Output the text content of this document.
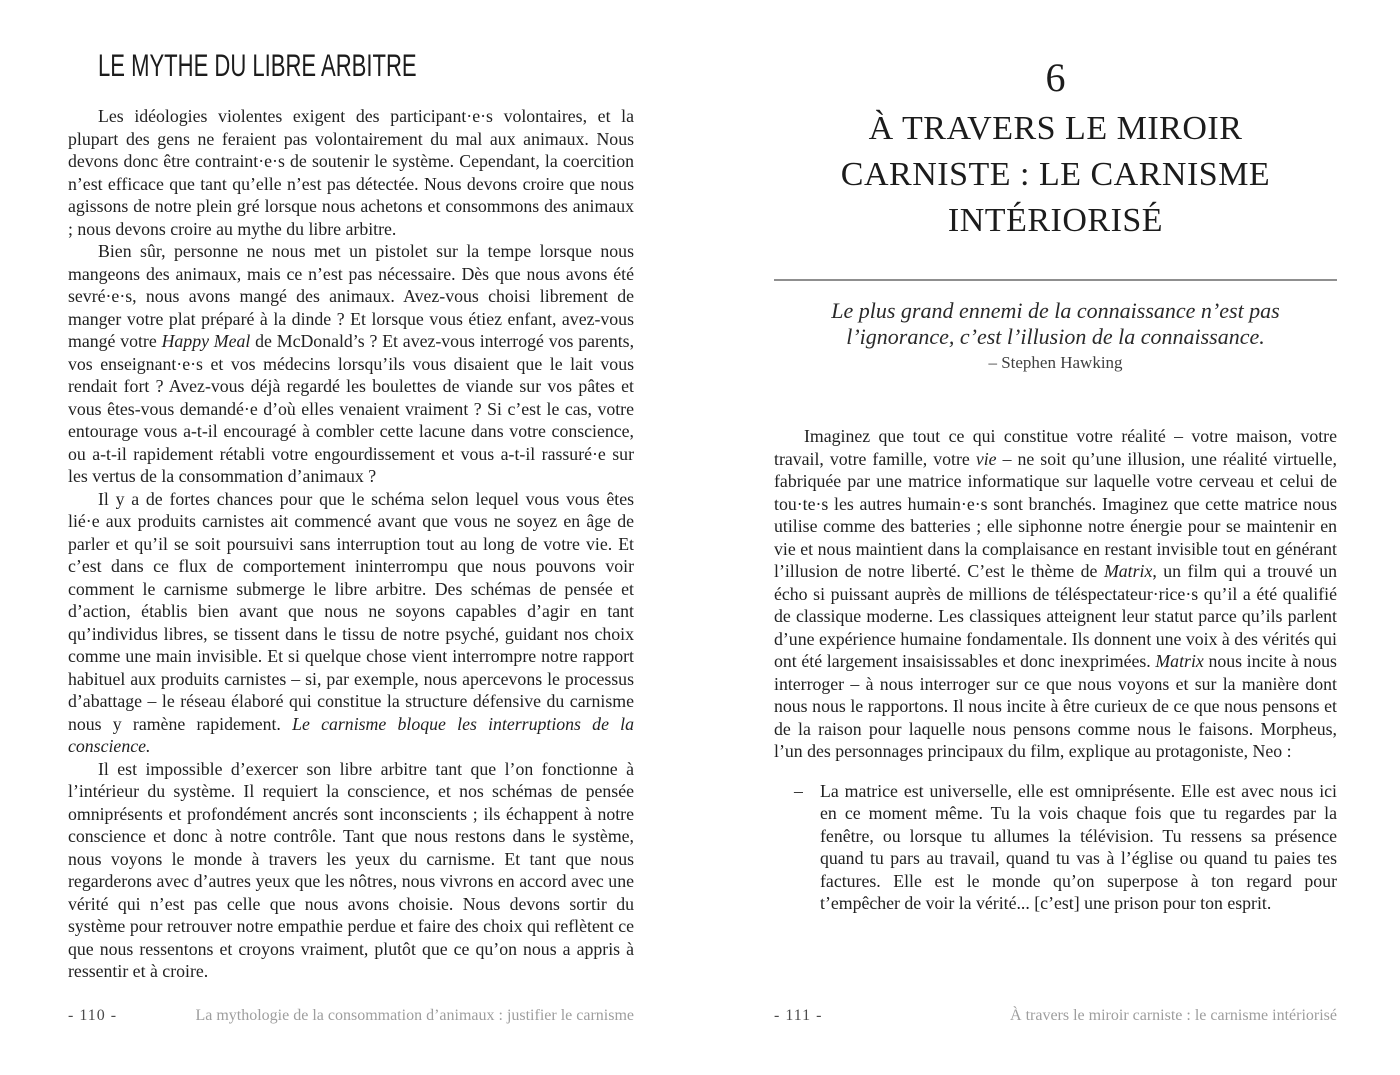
LE MYTHE DU LIBRE ARBITRE

Les idéologies violentes exigent des participant·e·s volontaires, et la plupart des gens ne feraient pas volontairement du mal aux animaux. Nous devons donc être contraint·e·s de soutenir le système. Cependant, la coercition n’est efficace que tant qu’elle n’est pas détectée. Nous devons croire que nous agissons de notre plein gré lorsque nous achetons et consommons des animaux ; nous devons croire au mythe du libre arbitre.

Bien sûr, personne ne nous met un pistolet sur la tempe lorsque nous mangeons des animaux, mais ce n’est pas nécessaire. Dès que nous avons été sevré·e·s, nous avons mangé des animaux. Avez-vous choisi librement de manger votre plat préparé à la dinde ? Et lorsque vous étiez enfant, avez-vous mangé votre Happy Meal de McDonald’s ? Et avez-vous interrogé vos parents, vos enseignant·e·s et vos médecins lorsqu’ils vous disaient que le lait vous rendait fort ? Avez-vous déjà regardé les boulettes de viande sur vos pâtes et vous êtes-vous demandé·e d’où elles venaient vraiment ? Si c’est le cas, votre entourage vous a-t-il encouragé à combler cette lacune dans votre conscience, ou a-t-il rapidement rétabli votre engourdissement et vous a-t-il rassuré·e sur les vertus de la consommation d’animaux ?

Il y a de fortes chances pour que le schéma selon lequel vous vous êtes lié·e aux produits carnistes ait commencé avant que vous ne soyez en âge de parler et qu’il se soit poursuivi sans interruption tout au long de votre vie. Et c’est dans ce flux de comportement ininterrompu que nous pouvons voir comment le carnisme submerge le libre arbitre. Des schémas de pensée et d’action, établis bien avant que nous ne soyons capables d’agir en tant qu’individus libres, se tissent dans le tissu de notre psyché, guidant nos choix comme une main invisible. Et si quelque chose vient interrompre notre rapport habituel aux produits carnistes – si, par exemple, nous apercevons le processus d’abattage – le réseau élaboré qui constitue la structure défensive du carnisme nous y ramène rapidement. Le carnisme bloque les interruptions de la conscience.

Il est impossible d’exercer son libre arbitre tant que l’on fonctionne à l’intérieur du système. Il requiert la conscience, et nos schémas de pensée omniprésents et profondément ancrés sont inconscients ; ils échappent à notre conscience et donc à notre contrôle. Tant que nous restons dans le système, nous voyons le monde à travers les yeux du carnisme. Et tant que nous regarderons avec d’autres yeux que les nôtres, nous vivrons en accord avec une vérité qui n’est pas celle que nous avons choisie. Nous devons sortir du système pour retrouver notre empathie perdue et faire des choix qui reflètent ce que nous ressentons et croyons vraiment, plutôt que ce qu’on nous a appris à ressentir et à croire.

- 110 -	La mythologie de la consommation d’animaux : justifier le carnisme
6
À TRAVERS LE MIROIR CARNISTE : LE CARNISME INTÉRIORISÉ
Le plus grand ennemi de la connaissance n’est pas l’ignorance, c’est l’illusion de la connaissance.
– Stephen Hawking

Imaginez que tout ce qui constitue votre réalité – votre maison, votre travail, votre famille, votre vie – ne soit qu’une illusion, une réalité virtuelle, fabriquée par une matrice informatique sur laquelle votre cerveau et celui de tou·te·s les autres humain·e·s sont branchés. Imaginez que cette matrice nous utilise comme des batteries ; elle siphonne notre énergie pour se maintenir en vie et nous maintient dans la complaisance en restant invisible tout en générant l’illusion de notre liberté. C’est le thème de Matrix, un film qui a trouvé un écho si puissant auprès de millions de téléspectateur·rice·s qu’il a été qualifié de classique moderne. Les classiques atteignent leur statut parce qu’ils parlent d’une expérience humaine fondamentale. Ils donnent une voix à des vérités qui ont été largement insaisissables et donc inexprimées. Matrix nous incite à nous interroger – à nous interroger sur ce que nous voyons et sur la manière dont nous nous le rapportons. Il nous incite à être curieux de ce que nous pensons et de la raison pour laquelle nous pensons comme nous le faisons. Morpheus, l’un des personnages principaux du film, explique au protagoniste, Neo :

– La matrice est universelle, elle est omniprésente. Elle est avec nous ici en ce moment même. Tu la vois chaque fois que tu regardes par la fenêtre, ou lorsque tu allumes la télévision. Tu ressens sa présence quand tu pars au travail, quand tu vas à l’église ou quand tu paies tes factures. Elle est le monde qu’on superpose à ton regard pour t’empêcher de voir la vérité... [c’est] une prison pour ton esprit.
- 111 -	À travers le miroir carniste : le carnisme intériorisé
